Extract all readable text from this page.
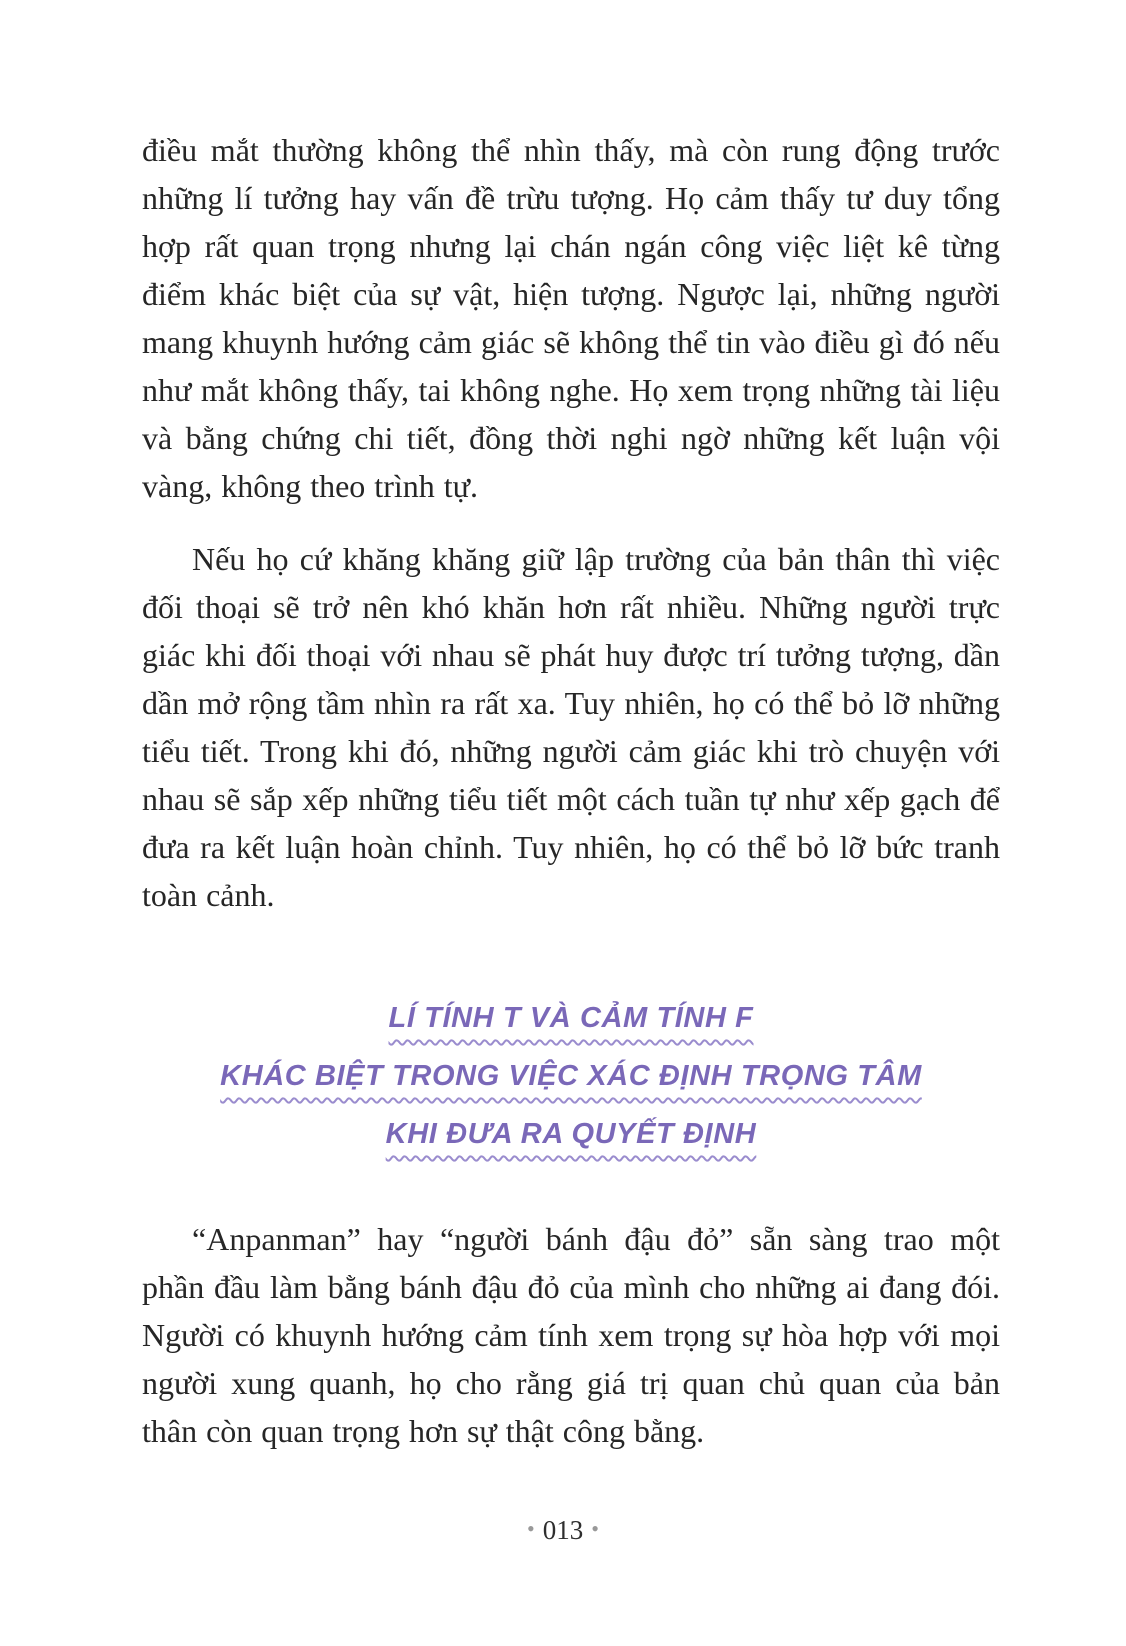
điều mắt thường không thể nhìn thấy, mà còn rung động trước những lí tưởng hay vấn đề trừu tượng. Họ cảm thấy tư duy tổng hợp rất quan trọng nhưng lại chán ngán công việc liệt kê từng điểm khác biệt của sự vật, hiện tượng. Ngược lại, những người mang khuynh hướng cảm giác sẽ không thể tin vào điều gì đó nếu như mắt không thấy, tai không nghe. Họ xem trọng những tài liệu và bằng chứng chi tiết, đồng thời nghi ngờ những kết luận vội vàng, không theo trình tự.

Nếu họ cứ khăng khăng giữ lập trường của bản thân thì việc đối thoại sẽ trở nên khó khăn hơn rất nhiều. Những người trực giác khi đối thoại với nhau sẽ phát huy được trí tưởng tượng, dần dần mở rộng tầm nhìn ra rất xa. Tuy nhiên, họ có thể bỏ lỡ những tiểu tiết. Trong khi đó, những người cảm giác khi trò chuyện với nhau sẽ sắp xếp những tiểu tiết một cách tuần tự như xếp gạch để đưa ra kết luận hoàn chỉnh. Tuy nhiên, họ có thể bỏ lỡ bức tranh toàn cảnh.

LÍ TÍNH T VÀ CẢM TÍNH F
KHÁC BIỆT TRONG VIỆC XÁC ĐỊNH TRỌNG TÂM
KHI ĐƯA RA QUYẾT ĐỊNH

“Anpanman” hay “người bánh đậu đỏ” sẵn sàng trao một phần đầu làm bằng bánh đậu đỏ của mình cho những ai đang đói. Người có khuynh hướng cảm tính xem trọng sự hòa hợp với mọi người xung quanh, họ cho rằng giá trị quan chủ quan của bản thân còn quan trọng hơn sự thật công bằng.

• 013 •
